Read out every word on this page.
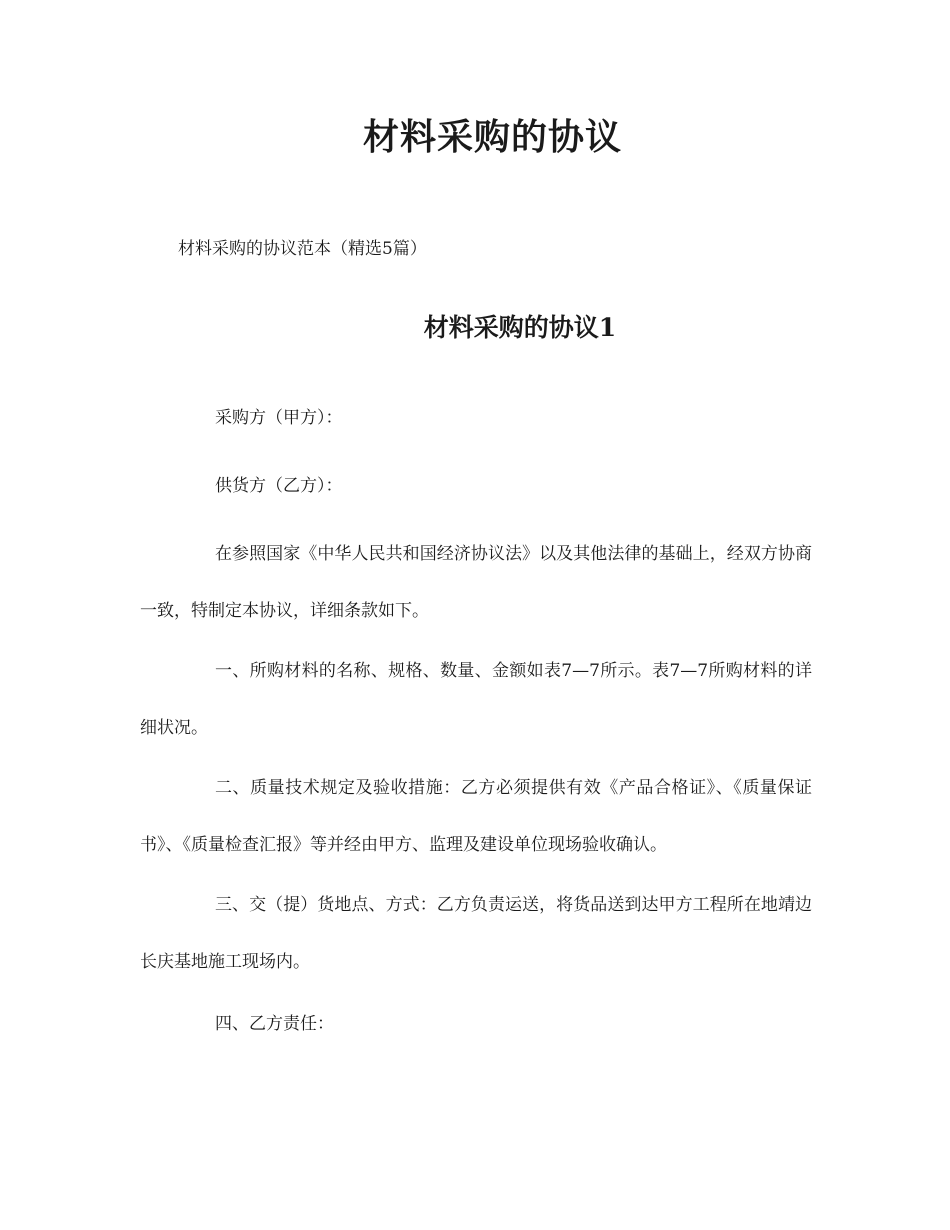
材料采购的协议

材料采购的协议范本（精选5篇）

材料采购的协议1

采购方（甲方）：

供货方（乙方）：

在参照国家《中华人民共和国经济协议法》以及其他法律的基础上，经双方协商一致，特制定本协议，详细条款如下。

一、所购材料的名称、规格、数量、金额如表7—7所示。表7—7所购材料的详细状况。

二、质量技术规定及验收措施：乙方必须提供有效《产品合格证》、《质量保证书》、《质量检查汇报》等并经由甲方、监理及建设单位现场验收确认。

三、交（提）货地点、方式：乙方负责运送，将货品送到达甲方工程所在地靖边长庆基地施工现场内。

四、乙方责任：
